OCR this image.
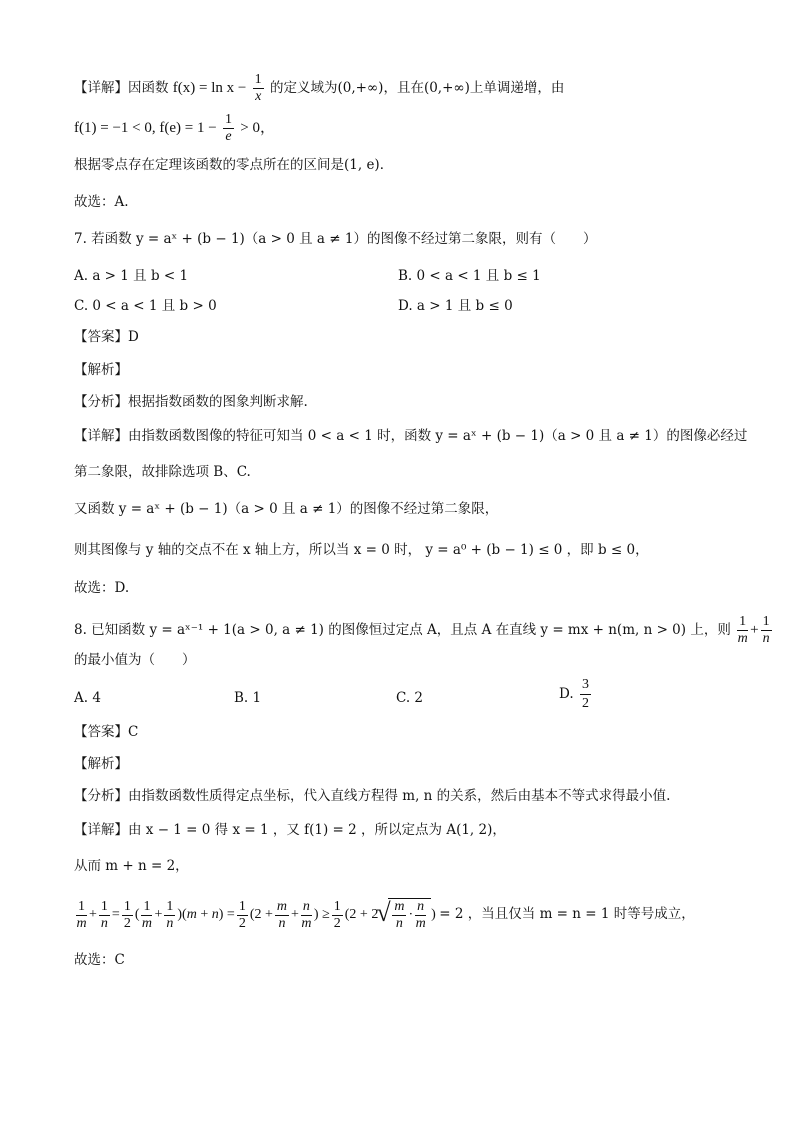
【详解】因函数 $f(x) = \ln x - \frac{1}{x}$ 的定义域为(0,+∞)，且在(0,+∞)上单调递增，由
f(1) = −1 < 0, $f(e) = 1 - \frac{1}{e} > 0$，
根据零点存在定理该函数的零点所在的区间是(1, e)．
故选：A.
7. 若函数 y = aˣ + (b − 1)（a > 0 且 a ≠ 1）的图像不经过第二象限，则有（　　）
A. a > 1 且 b < 1	B. 0 < a < 1 且 b ≤ 1
C. 0 < a < 1 且 b > 0	D. a > 1 且 b ≤ 0
【答案】D
【解析】
【分析】根据指数函数的图象判断求解.
【详解】由指数函数图像的特征可知当 0 < a < 1 时，函数 y = aˣ + (b − 1)（a > 0 且 a ≠ 1）的图像必经过
第二象限，故排除选项 B、C.
又函数 y = aˣ + (b − 1)（a > 0 且 a ≠ 1）的图像不经过第二象限，
则其图像与 y 轴的交点不在 x 轴上方，所以当 x = 0 时， y = a⁰ + (b − 1) ≤ 0 ，即 b ≤ 0，
故选：D.
8. 已知函数 y = aˣ⁻¹ + 1(a > 0, a ≠ 1) 的图像恒过定点 A，且点 A 在直线 y = mx + n(m, n > 0) 上，则 $\frac{1}{m} + \frac{1}{n}$
的最小值为（　　）
A. 4	B. 1	C. 2	D. $\frac{3}{2}$
【答案】C
【解析】
【分析】由指数函数性质得定点坐标，代入直线方程得 m, n 的关系，然后由基本不等式求得最小值.
【详解】由 x − 1 = 0 得 x = 1 ，又 f(1) = 2 ，所以定点为 A(1, 2)，
从而 m + n = 2，
$\frac{1}{m} + \frac{1}{n} = \frac{1}{2}$ ( $\frac{1}{m} + \frac{1}{n} )(m + n) = \frac{1}{2} (2 + \frac{m}{n} + \frac{n}{m}$ ) ≥ $\frac{1}{2} (2 + 2$
√ $\frac{m}{n} \cdot \frac{n}{m}$ ) = 2 ，当且仅当 m = n = 1 时等号成立，
故选：C
